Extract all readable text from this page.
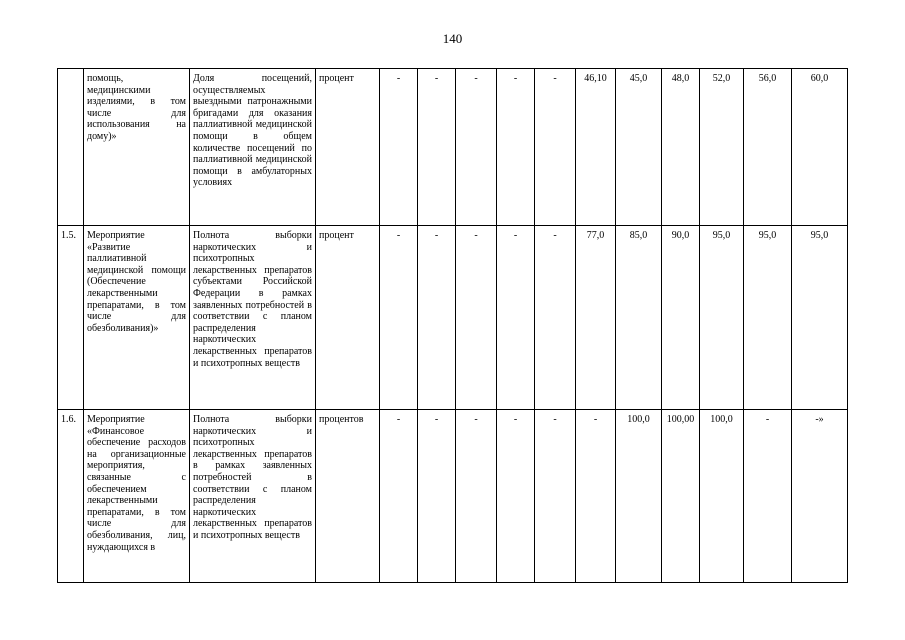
140
	помощь, медицинскими изделиями, в том числе для использования на дому)»	Доля посещений, осуществляемых выездными патронажными бригадами для оказания паллиативной медицинской помощи в общем количестве посещений по паллиативной медицинской помощи в амбулаторных условиях	процент	-	-	-	-	-	46,10	45,0	48,0	52,0	56,0	60,0
1.5.	Мероприятие «Развитие паллиативной медицинской помощи (Обеспечение лекарственными препаратами, в том числе для обезболивания)»	Полнота выборки наркотических и психотропных лекарственных препаратов субъектами Российской Федерации в рамках заявленных потребностей в соответствии с планом распределения наркотических лекарственных препаратов и психотропных веществ	процент	-	-	-	-	-	77,0	85,0	90,0	95,0	95,0	95,0
1.6.	Мероприятие «Финансовое обеспечение расходов на организационные мероприятия, связанные с обеспечением лекарственными препаратами, в том числе для обезболивания, лиц, нуждающихся в	Полнота выборки наркотических и психотропных лекарственных препаратов в рамках заявленных потребностей в соответствии с планом распределения наркотических лекарственных препаратов и психотропных веществ	процентов	-	-	-	-	-	-	100,0	100,00	100,0	-	-»
